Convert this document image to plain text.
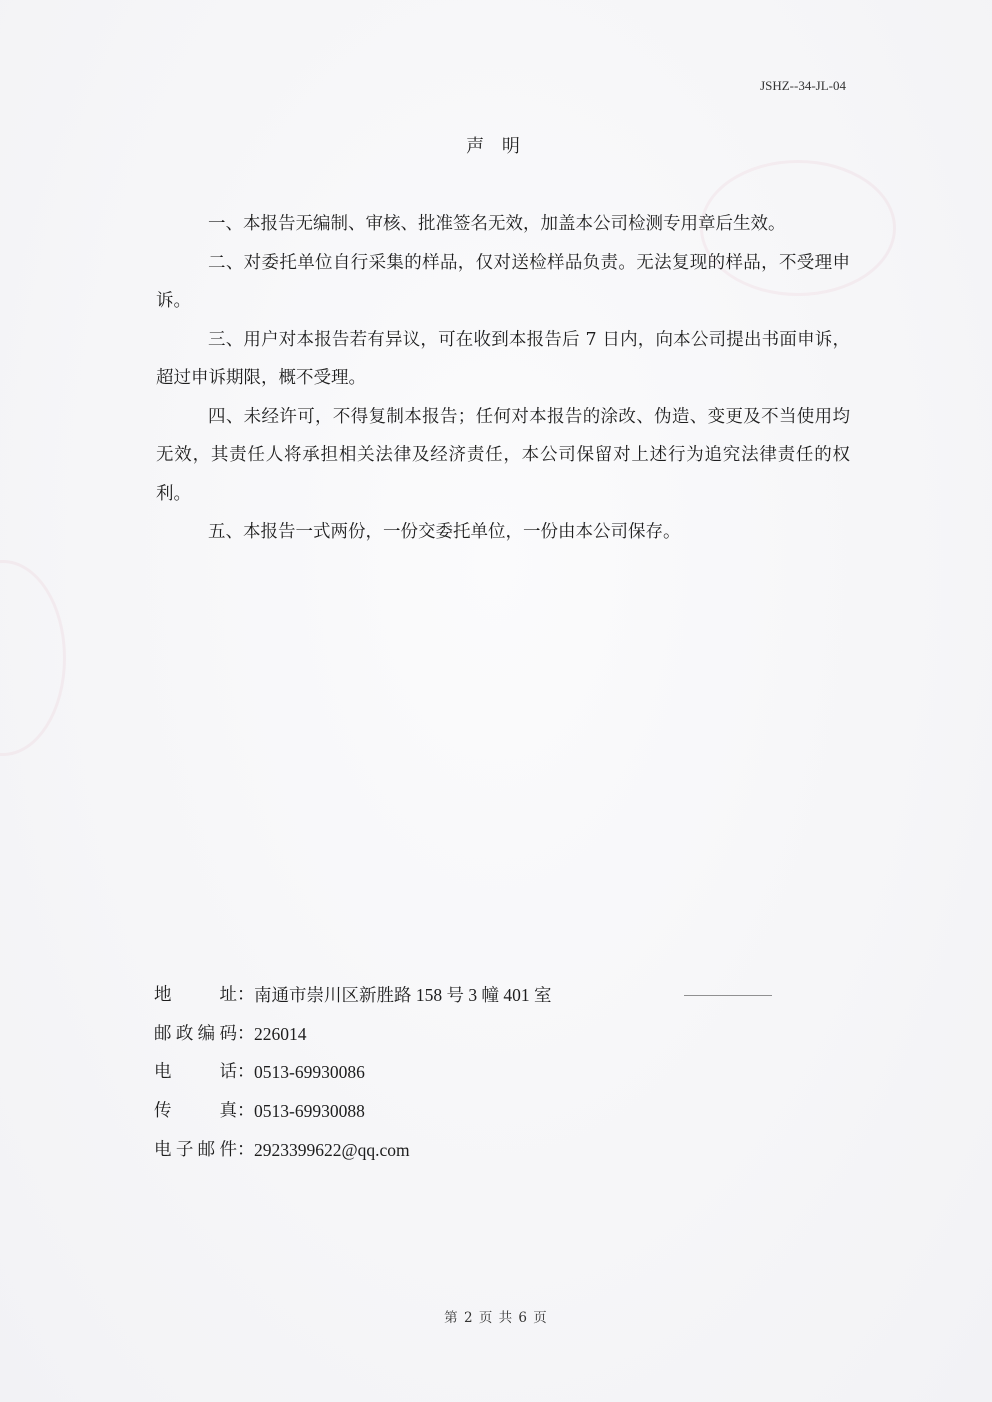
JSHZ--34-JL-04
声 明

一、本报告无编制、审核、批准签名无效，加盖本公司检测专用章后生效。

二、对委托单位自行采集的样品，仅对送检样品负责。无法复现的样品，不受理申诉。

三、用户对本报告若有异议，可在收到本报告后 7 日内，向本公司提出书面申诉，超过申诉期限，概不受理。

四、未经许可，不得复制本报告；任何对本报告的涂改、伪造、变更及不当使用均无效，其责任人将承担相关法律及经济责任，本公司保留对上述行为追究法律责任的权利。

五、本报告一式两份，一份交委托单位，一份由本公司保存。

地址 ： 南通市崇川区新胜路 158 号 3 幢 401 室
邮政编码 ： 226014
电话 ： 0513-69930086
传真 ： 0513-69930088
电子邮件 ： 2923399622@qq.com
第 2 页 共 6 页
